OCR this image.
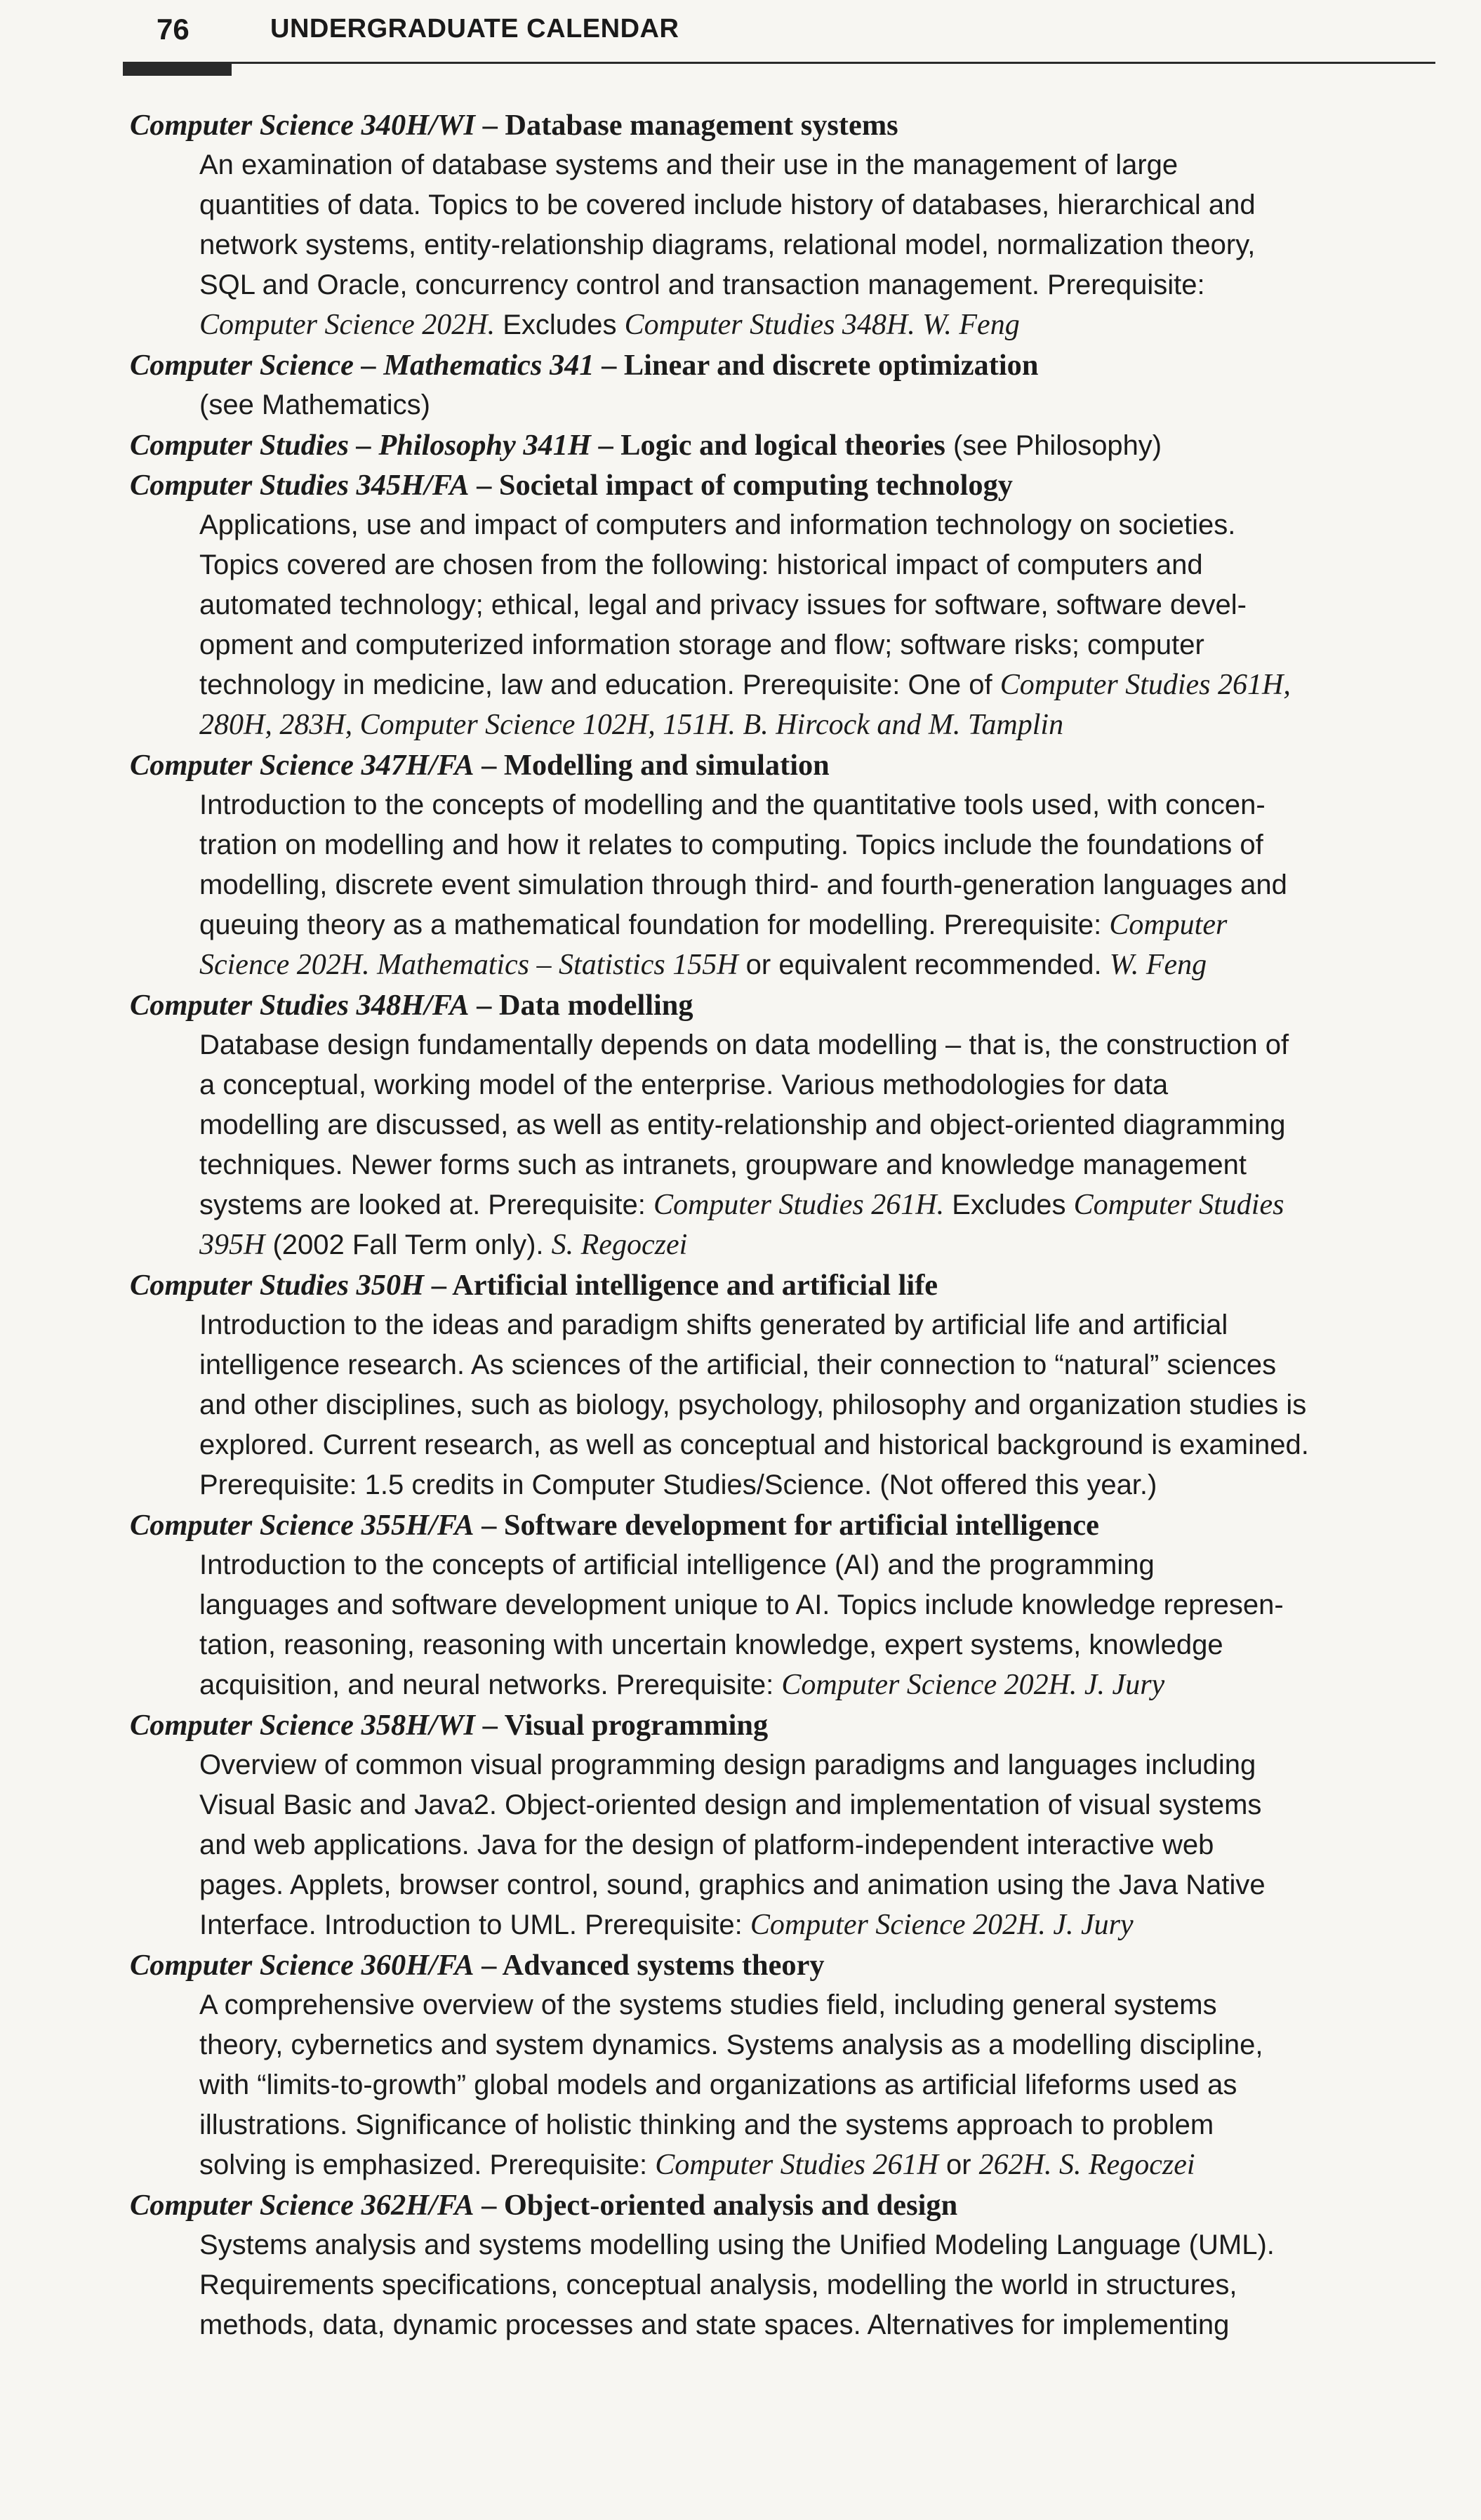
76	UNDERGRADUATE CALENDAR
Computer Science 340H/WI – Database management systems
An examination of database systems and their use in the management of large
quantities of data. Topics to be covered include history of databases, hierarchical and
network systems, entity-relationship diagrams, relational model, normalization theory,
SQL and Oracle, concurrency control and transaction management. Prerequisite:
Computer Science 202H. Excludes Computer Studies 348H. W. Feng
Computer Science – Mathematics 341 – Linear and discrete optimization
(see Mathematics)
Computer Studies – Philosophy 341H – Logic and logical theories (see Philosophy)
Computer Studies 345H/FA – Societal impact of computing technology
Applications, use and impact of computers and information technology on societies.
Topics covered are chosen from the following: historical impact of computers and
automated technology; ethical, legal and privacy issues for software, software devel-
opment and computerized information storage and flow; software risks; computer
technology in medicine, law and education. Prerequisite: One of Computer Studies 261H,
280H, 283H, Computer Science 102H, 151H. B. Hircock and M. Tamplin
Computer Science 347H/FA – Modelling and simulation
Introduction to the concepts of modelling and the quantitative tools used, with concen-
tration on modelling and how it relates to computing. Topics include the foundations of
modelling, discrete event simulation through third- and fourth-generation languages and
queuing theory as a mathematical foundation for modelling. Prerequisite: Computer
Science 202H. Mathematics – Statistics 155H or equivalent recommended. W. Feng
Computer Studies 348H/FA – Data modelling
Database design fundamentally depends on data modelling – that is, the construction of
a conceptual, working model of the enterprise. Various methodologies for data
modelling are discussed, as well as entity-relationship and object-oriented diagramming
techniques. Newer forms such as intranets, groupware and knowledge management
systems are looked at. Prerequisite: Computer Studies 261H. Excludes Computer Studies
395H (2002 Fall Term only). S. Regoczei
Computer Studies 350H – Artificial intelligence and artificial life
Introduction to the ideas and paradigm shifts generated by artificial life and artificial
intelligence research. As sciences of the artificial, their connection to “natural” sciences
and other disciplines, such as biology, psychology, philosophy and organization studies is
explored. Current research, as well as conceptual and historical background is examined.
Prerequisite: 1.5 credits in Computer Studies/Science. (Not offered this year.)
Computer Science 355H/FA – Software development for artificial intelligence
Introduction to the concepts of artificial intelligence (AI) and the programming
languages and software development unique to AI. Topics include knowledge represen-
tation, reasoning, reasoning with uncertain knowledge, expert systems, knowledge
acquisition, and neural networks. Prerequisite: Computer Science 202H. J. Jury
Computer Science 358H/WI – Visual programming
Overview of common visual programming design paradigms and languages including
Visual Basic and Java2. Object-oriented design and implementation of visual systems
and web applications. Java for the design of platform-independent interactive web
pages. Applets, browser control, sound, graphics and animation using the Java Native
Interface. Introduction to UML. Prerequisite: Computer Science 202H. J. Jury
Computer Science 360H/FA – Advanced systems theory
A comprehensive overview of the systems studies field, including general systems
theory, cybernetics and system dynamics. Systems analysis as a modelling discipline,
with “limits-to-growth” global models and organizations as artificial lifeforms used as
illustrations. Significance of holistic thinking and the systems approach to problem
solving is emphasized. Prerequisite: Computer Studies 261H or 262H. S. Regoczei
Computer Science 362H/FA – Object-oriented analysis and design
Systems analysis and systems modelling using the Unified Modeling Language (UML).
Requirements specifications, conceptual analysis, modelling the world in structures,
methods, data, dynamic processes and state spaces. Alternatives for implementing
